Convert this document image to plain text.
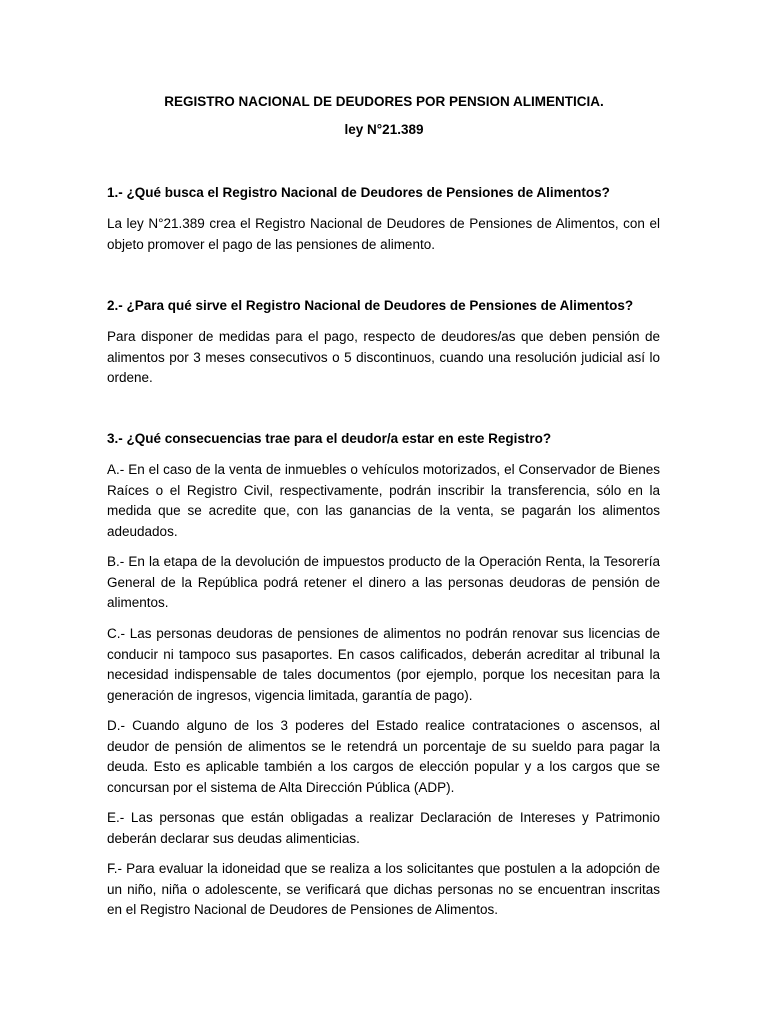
REGISTRO NACIONAL DE DEUDORES POR PENSION ALIMENTICIA.

ley N°21.389

1.- ¿Qué busca el Registro Nacional de Deudores de Pensiones de Alimentos?

La ley N°21.389 crea el Registro Nacional de Deudores de Pensiones de Alimentos, con el
objeto promover el pago de las pensiones de alimento.

2.- ¿Para qué sirve el Registro Nacional de Deudores de Pensiones de Alimentos?

Para disponer de medidas para el pago, respecto de deudores/as que deben pensión de
alimentos por 3 meses consecutivos o 5 discontinuos, cuando una resolución judicial así lo
ordene.

3.- ¿Qué consecuencias trae para el deudor/a estar en este Registro?

A.- En el caso de la venta de inmuebles o vehículos motorizados, el Conservador de Bienes
Raíces o el Registro Civil, respectivamente, podrán inscribir la transferencia, sólo en la
medida que se acredite que, con las ganancias de la venta, se pagarán los alimentos
adeudados.
B.- En la etapa de la devolución de impuestos producto de la Operación Renta, la Tesorería
General de la República podrá retener el dinero a las personas deudoras de pensión de
alimentos.
C.- Las personas deudoras de pensiones de alimentos no podrán renovar sus licencias de
conducir ni tampoco sus pasaportes. En casos calificados, deberán acreditar al tribunal la
necesidad indispensable de tales documentos (por ejemplo, porque los necesitan para la
generación de ingresos, vigencia limitada, garantía de pago).
D.- Cuando alguno de los 3 poderes del Estado realice contrataciones o ascensos, al
deudor de pensión de alimentos se le retendrá un porcentaje de su sueldo para pagar la
deuda. Esto es aplicable también a los cargos de elección popular y a los cargos que se
concursan por el sistema de Alta Dirección Pública (ADP).
E.- Las personas que están obligadas a realizar Declaración de Intereses y Patrimonio
deberán declarar sus deudas alimenticias.
F.- Para evaluar la idoneidad que se realiza a los solicitantes que postulen a la adopción de
un niño, niña o adolescente, se verificará que dichas personas no se encuentran inscritas
en el Registro Nacional de Deudores de Pensiones de Alimentos.
